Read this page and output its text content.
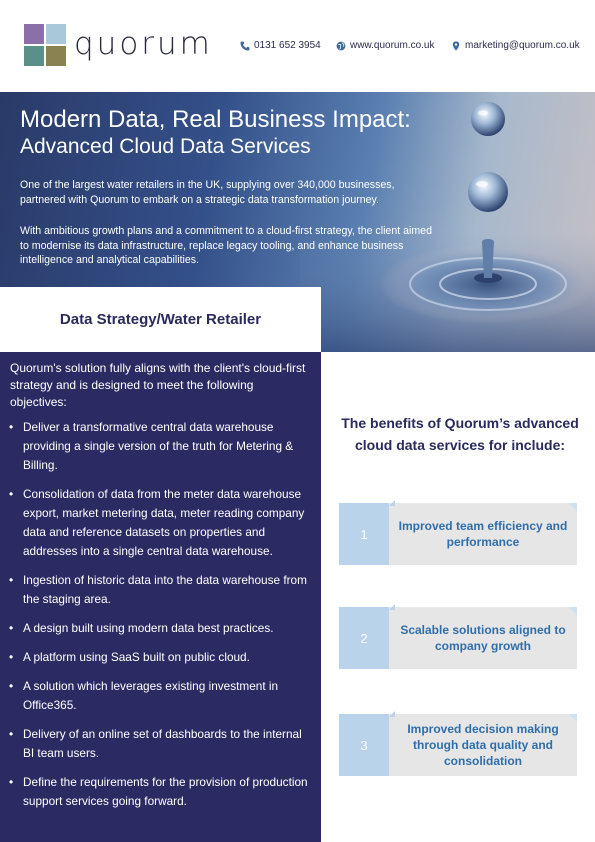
quorum	0131 652 3954	www.quorum.co.uk	marketing@quorum.co.uk
Modern Data, Real Business Impact:
Advanced Cloud Data Services

One of the largest water retailers in the UK, supplying over 340,000 businesses, partnered with Quorum to embark on a strategic data transformation journey.

With ambitious growth plans and a commitment to a cloud-first strategy, the client aimed to modernise its data infrastructure, replace legacy tooling, and enhance business intelligence and analytical capabilities.

Data Strategy/Water Retailer

Quorum's solution fully aligns with the client's cloud-first strategy and is designed to meet the following objectives:

• Deliver a transformative central data warehouse providing a single version of the truth for Metering & Billing.
• Consolidation of data from the meter data warehouse export, market metering data, meter reading company data and reference datasets on properties and addresses into a single central data warehouse.
• Ingestion of historic data into the data warehouse from the staging area.
• A design built using modern data best practices.
• A platform using SaaS built on public cloud.
• A solution which leverages existing investment in Office365.
• Delivery of an online set of dashboards to the internal BI team users.
• Define the requirements for the provision of production support services going forward.
The benefits of Quorum’s advanced cloud data services for include:
1
Improved team efficiency and performance
2
Scalable solutions aligned to company growth
3
Improved decision making through data quality and consolidation
